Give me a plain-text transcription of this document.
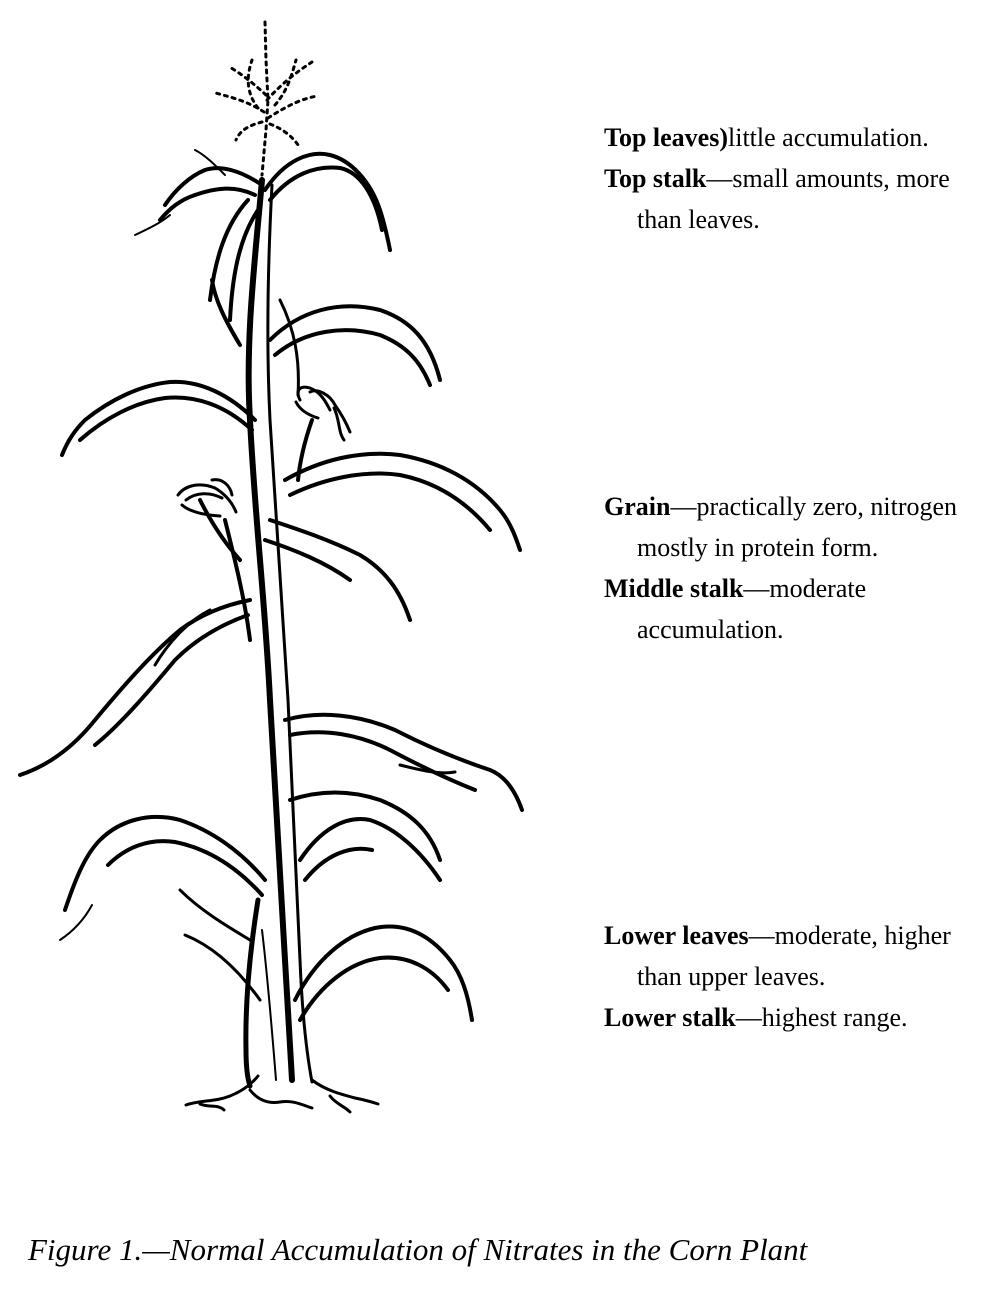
Top leaves)little accumulation.

Top stalk—small amounts, more than leaves.

Grain—practically zero, nitrogen mostly in protein form.

Middle stalk—moderate accumulation.

Lower leaves—moderate, higher than upper leaves.

Lower stalk—highest range.

Figure 1.—Normal Accumulation of Nitrates in the Corn Plant
